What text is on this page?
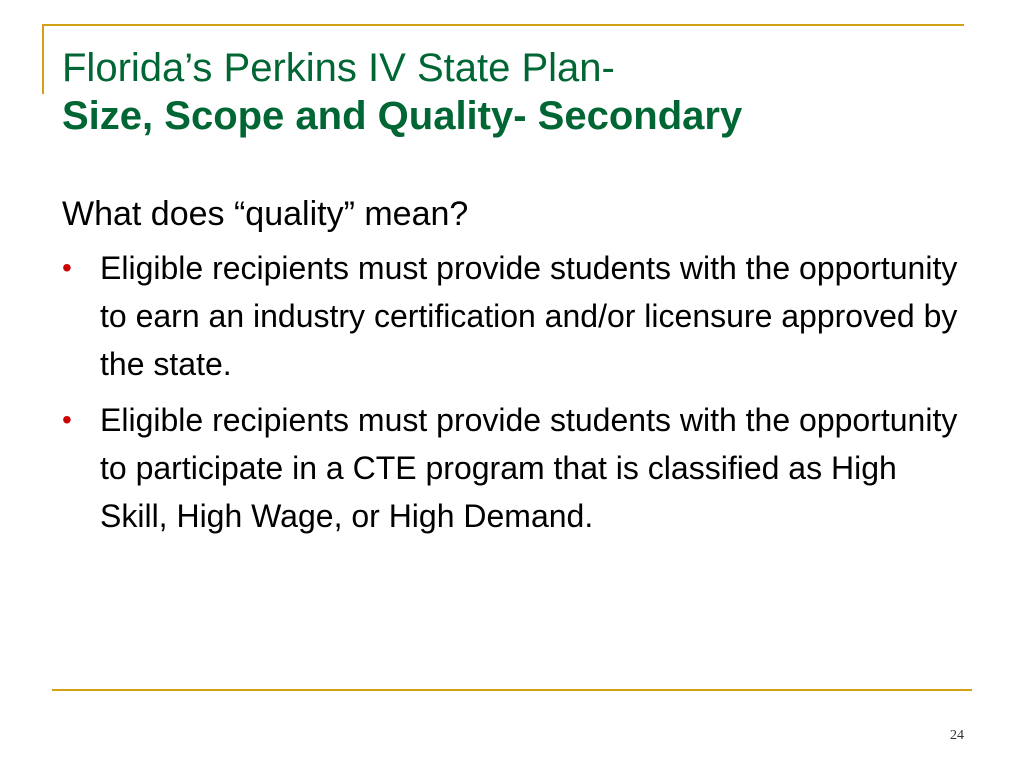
Florida’s Perkins IV State Plan-
Size, Scope and Quality- Secondary
What does “quality” mean?
• Eligible recipients must provide students with the opportunity to earn an industry certification and/or licensure approved by the state.
• Eligible recipients must provide students with the opportunity to participate in a CTE program that is classified as High Skill, High Wage, or High Demand.
24
